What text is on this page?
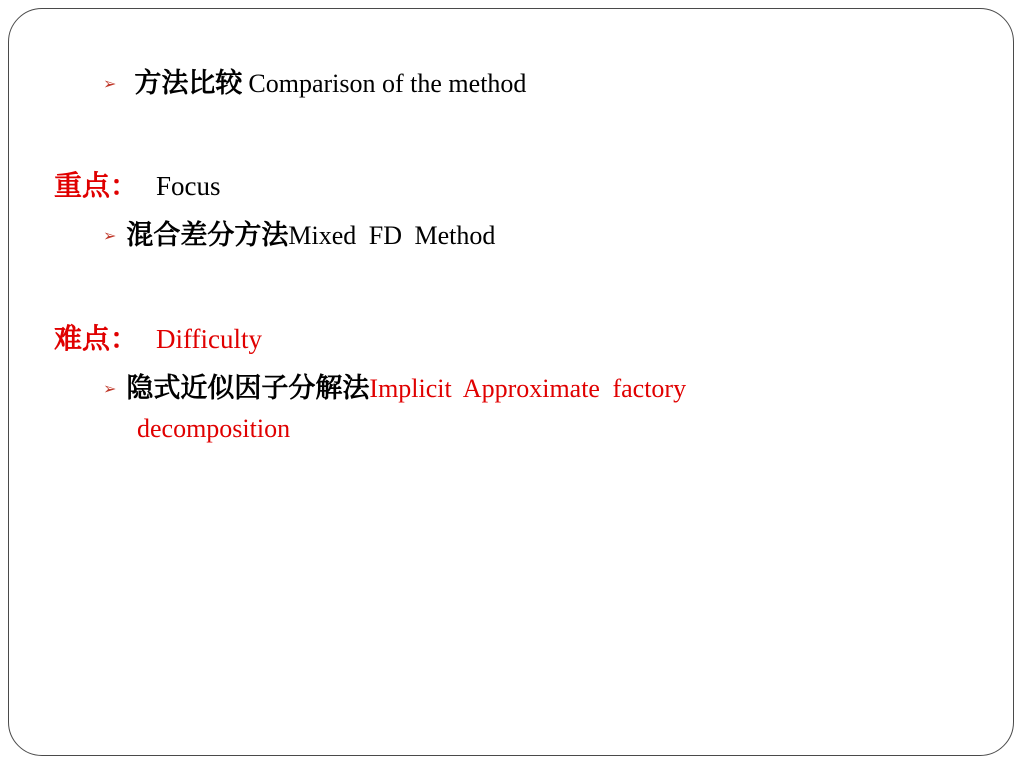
➢ 方法比较 Comparison of the method
重点： Focus
➢ 混合差分方法Mixed FD Method
难点： Difficulty
➢ 隐式近似因子分解法Implicit Approximate factory
decomposition
